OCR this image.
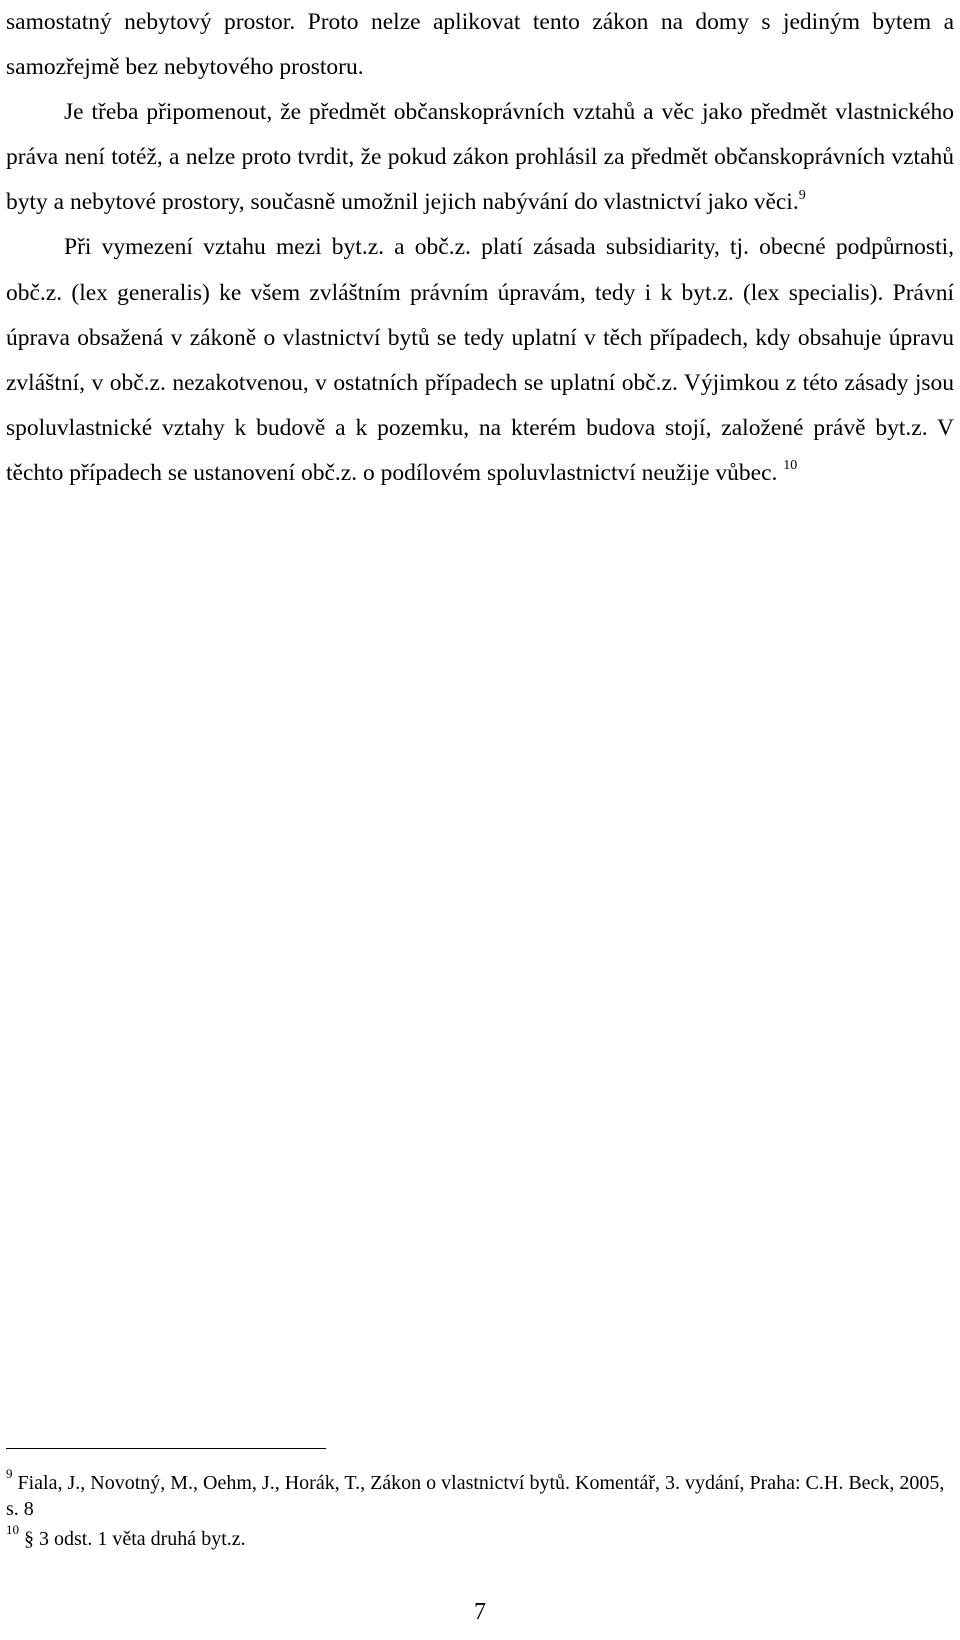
samostatný nebytový prostor. Proto nelze aplikovat tento zákon na domy s jediným bytem a samozřejmě bez nebytového prostoru.

Je třeba připomenout, že předmět občanskoprávních vztahů a věc jako předmět vlastnického práva není totéž, a nelze proto tvrdit, že pokud zákon prohlásil za předmět občanskoprávních vztahů byty a nebytové prostory, současně umožnil jejich nabývání do vlastnictví jako věci.$^9$

Při vymezení vztahu mezi byt.z. a obč.z. platí zásada subsidiarity, tj. obecné podpůrnosti, obč.z. (lex generalis) ke všem zvláštním právním úpravám, tedy i k byt.z. (lex specialis). Právní úprava obsažená v zákoně o vlastnictví bytů se tedy uplatní v těch případech, kdy obsahuje úpravu zvláštní, v obč.z. nezakotvenou, v ostatních případech se uplatní obč.z. Výjimkou z této zásady jsou spoluvlastnické vztahy k budově a k pozemku, na kterém budova stojí, založené právě byt.z. V těchto případech se ustanovení obč.z. o podílovém spoluvlastnictví neužije vůbec. $^{10}$

$^9$ Fiala, J., Novotný, M., Oehm, J., Horák, T., Zákon o vlastnictví bytů. Komentář, 3. vydání, Praha: C.H. Beck, 2005, s. 8

$^{10}$ § 3 odst. 1 věta druhá byt.z.

7
